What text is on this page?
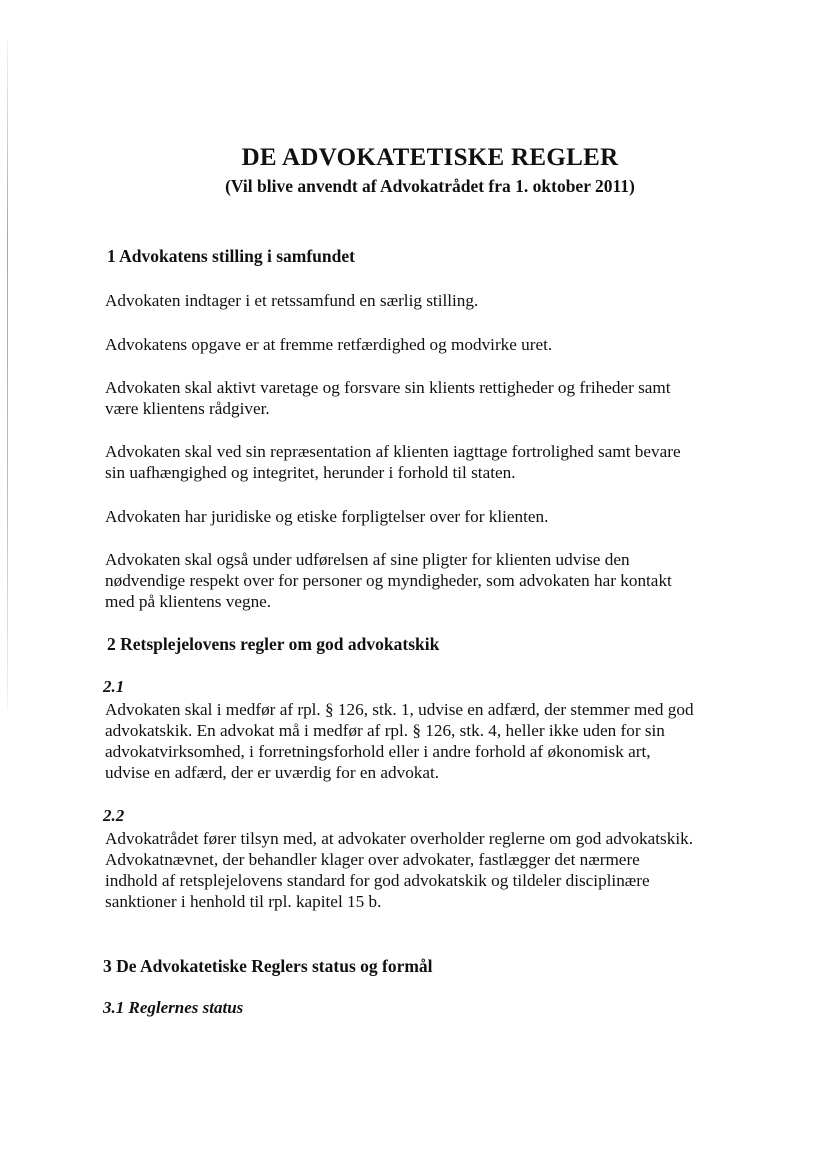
DE ADVOKATETISKE REGLER
(Vil blive anvendt af Advokatrådet fra 1. oktober 2011)
1 Advokatens stilling i samfundet
Advokaten indtager i et retssamfund en særlig stilling.
Advokatens opgave er at fremme retfærdighed og modvirke uret.
Advokaten skal aktivt varetage og forsvare sin klients rettigheder og friheder samt
være klientens rådgiver.
Advokaten skal ved sin repræsentation af klienten iagttage fortrolighed samt bevare
sin uafhængighed og integritet, herunder i forhold til staten.
Advokaten har juridiske og etiske forpligtelser over for klienten.
Advokaten skal også under udførelsen af sine pligter for klienten udvise den
nødvendige respekt over for personer og myndigheder, som advokaten har kontakt
med på klientens vegne.
2 Retsplejelovens regler om god advokatskik
2.1
Advokaten skal i medfør af rpl. § 126, stk. 1, udvise en adfærd, der stemmer med god
advokatskik. En advokat må i medfør af rpl. § 126, stk. 4, heller ikke uden for sin
advokatvirksomhed, i forretningsforhold eller i andre forhold af økonomisk art,
udvise en adfærd, der er uværdig for en advokat.
2.2
Advokatrådet fører tilsyn med, at advokater overholder reglerne om god advokatskik.
Advokatnævnet, der behandler klager over advokater, fastlægger det nærmere
indhold af retsplejelovens standard for god advokatskik og tildeler disciplinære
sanktioner i henhold til rpl. kapitel 15 b.
3 De Advokatetiske Reglers status og formål
3.1 Reglernes status
